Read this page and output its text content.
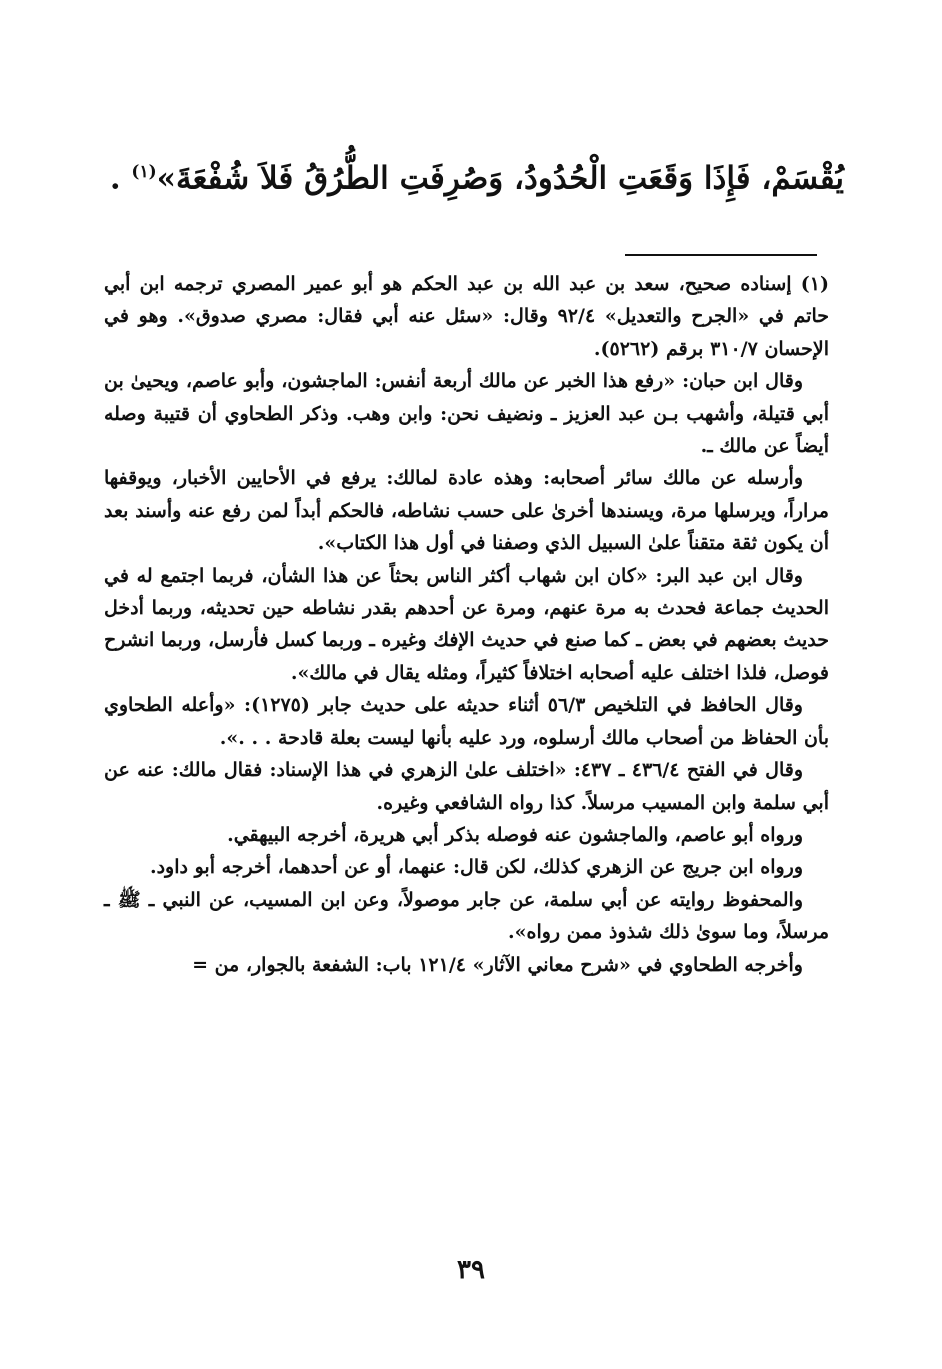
يُقْسَمْ، فَإِذَا وَقَعَتِ الْحُدُودُ، وَصُرِفَتِ الطُّرُقُ فَلاَ شُفْعَةَ»$^{(١)}$ .

(١) إسناده صحيح، سعد بن عبد الله بن عبد الحكم هو أبو عمير المصري ترجمه ابن أبي حاتم في «الجرح والتعديل» ٩٢/٤ وقال: «سئل عنه أبي فقال: مصري صدوق». وهو في الإحسان ٣١٠/٧ برقم (٥٢٦٢).

وقال ابن حبان: «رفع هذا الخبر عن مالك أربعة أنفس: الماجشون، وأبو عاصم، ويحيىٰ بن أبي قتيلة، وأشهب بـن عبد العزيز ـ ونضيف نحن: وابن وهب. وذكر الطحاوي أن قتيبة وصله أيضاً عن مالك ـ.

وأرسله عن مالك سائر أصحابه: وهذه عادة لمالك: يرفع في الأحايين الأخبار، ويوقفها مراراً، ويرسلها مرة، ويسندها أخرىٰ على حسب نشاطه، فالحكم أبداً لمن رفع عنه وأسند بعد أن يكون ثقة متقناً علىٰ السبيل الذي وصفنا في أول هذا الكتاب».

وقال ابن عبد البر: «كان ابن شهاب أكثر الناس بحثاً عن هذا الشأن، فربما اجتمع له في الحديث جماعة فحدث به مرة عنهم، ومرة عن أحدهم بقدر نشاطه حين تحديثه، وربما أدخل حديث بعضهم في بعض ـ كما صنع في حديث الإفك وغيره ـ وربما كسل فأرسل، وربما انشرح فوصل، فلذا اختلف عليه أصحابه اختلافاً كثيراً، ومثله يقال في مالك».

وقال الحافظ في التلخيص ٥٦/٣ أثناء حديثه على حديث جابر (١٢٧٥): «وأعله الطحاوي بأن الحفاظ من أصحاب مالك أرسلوه، ورد عليه بأنها ليست بعلة قادحة . . .».

وقال في الفتح ٤٣٦/٤ ـ ٤٣٧: «اختلف علىٰ الزهري في هذا الإسناد: فقال مالك: عنه عن أبي سلمة وابن المسيب مرسلاً. كذا رواه الشافعي وغيره.

ورواه أبو عاصم، والماجشون عنه فوصله بذكر أبي هريرة، أخرجه البيهقي.

ورواه ابن جريج عن الزهري كذلك، لكن قال: عنهما، أو عن أحدهما، أخرجه أبو داود.

والمحفوظ روايته عن أبي سلمة، عن جابر موصولاً، وعن ابن المسيب، عن النبي ـ ﷺ ـ مرسلاً، وما سوىٰ ذلك شذوذ ممن رواه».

وأخرجه الطحاوي في «شرح معاني الآثار» ١٢١/٤ باب: الشفعة بالجوار، من =

٣٩
